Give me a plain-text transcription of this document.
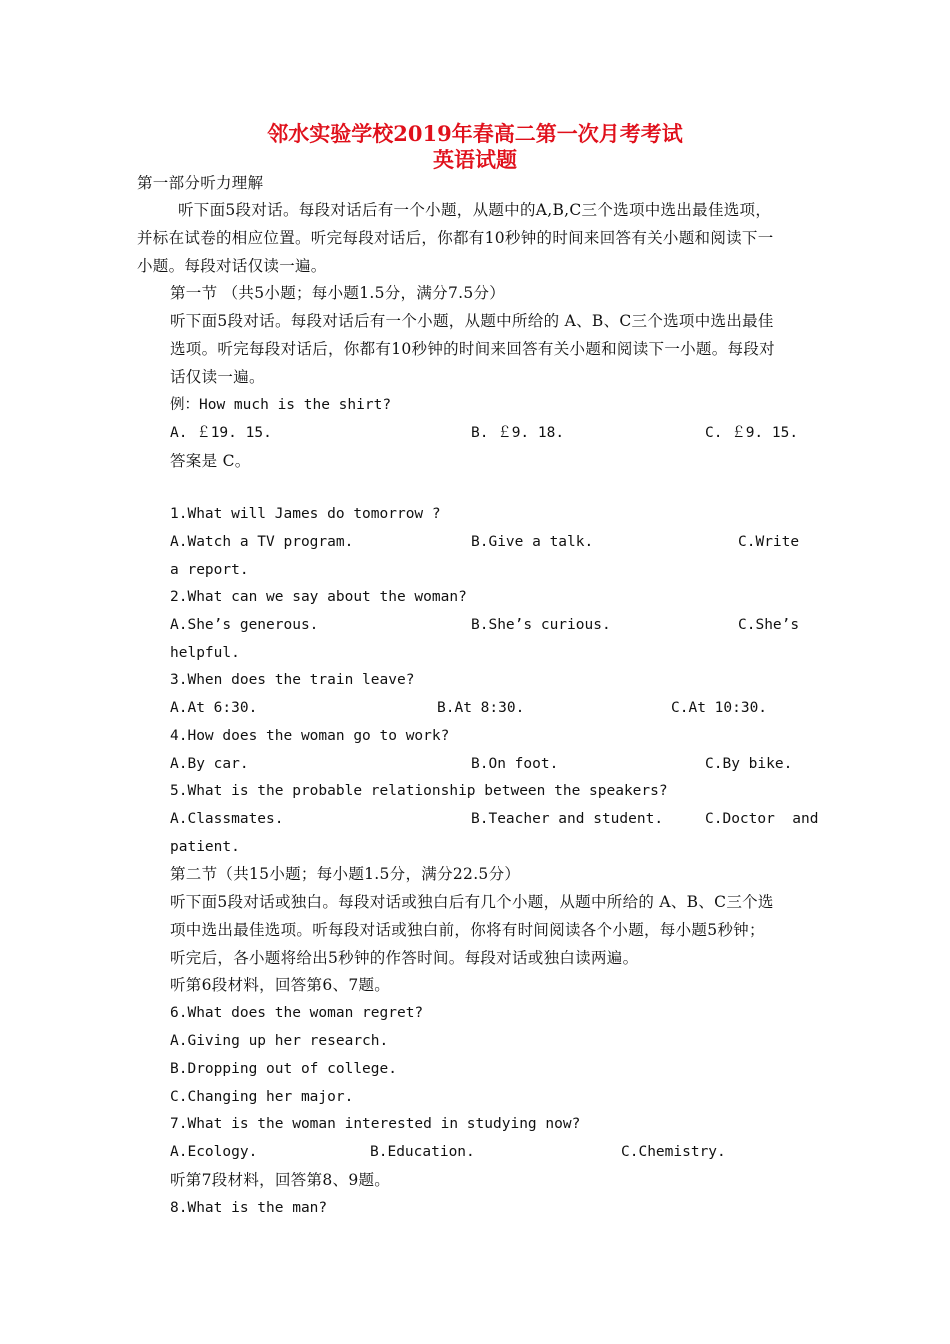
邻水实验学校2019年春高二第一次月考考试
英语试题
第一部分听力理解
听下面5段对话。每段对话后有一个小题，从题中的A,B,C三个选项中选出最佳选项，
并标在试卷的相应位置。听完每段对话后，你都有10秒钟的时间来回答有关小题和阅读下一
小题。每段对话仅读一遍。
第一节 （共5小题；每小题1.5分，满分7.5分）
听下面5段对话。每段对话后有一个小题，从题中所给的 A、B、C三个选项中选出最佳
选项。听完每段对话后，你都有10秒钟的时间来回答有关小题和阅读下一小题。每段对
话仅读一遍。
例：How much is the shirt?
A. ￡19. 15.	B. ￡9. 18.	C. ￡9. 15.
答案是 C。
1.What will James do tomorrow ?
A.Watch a TV program.	B.Give a talk.	C.Write
a report.
2.What can we say about the woman?
A.She’s generous.	B.She’s curious.	C.She’s
helpful.
3.When does the train leave?
A.At 6:30.	B.At 8:30.	C.At 10:30.
4.How does the woman go to work?
A.By car.	B.On foot.	C.By bike.
5.What is the probable relationship between the speakers?
A.Classmates.	B.Teacher and student.	C.Doctor  and
patient.
第二节（共15小题；每小题1.5分，满分22.5分）
听下面5段对话或独白。每段对话或独白后有几个小题，从题中所给的 A、B、C三个选
项中选出最佳选项。听每段对话或独白前，你将有时间阅读各个小题，每小题5秒钟；
听完后，各小题将给出5秒钟的作答时间。每段对话或独白读两遍。
听第6段材料，回答第6、7题。
6.What does the woman regret?
A.Giving up her research.
B.Dropping out of college.
C.Changing her major.
7.What is the woman interested in studying now?
A.Ecology.	B.Education.	C.Chemistry.
听第7段材料，回答第8、9题。
8.What is the man?
